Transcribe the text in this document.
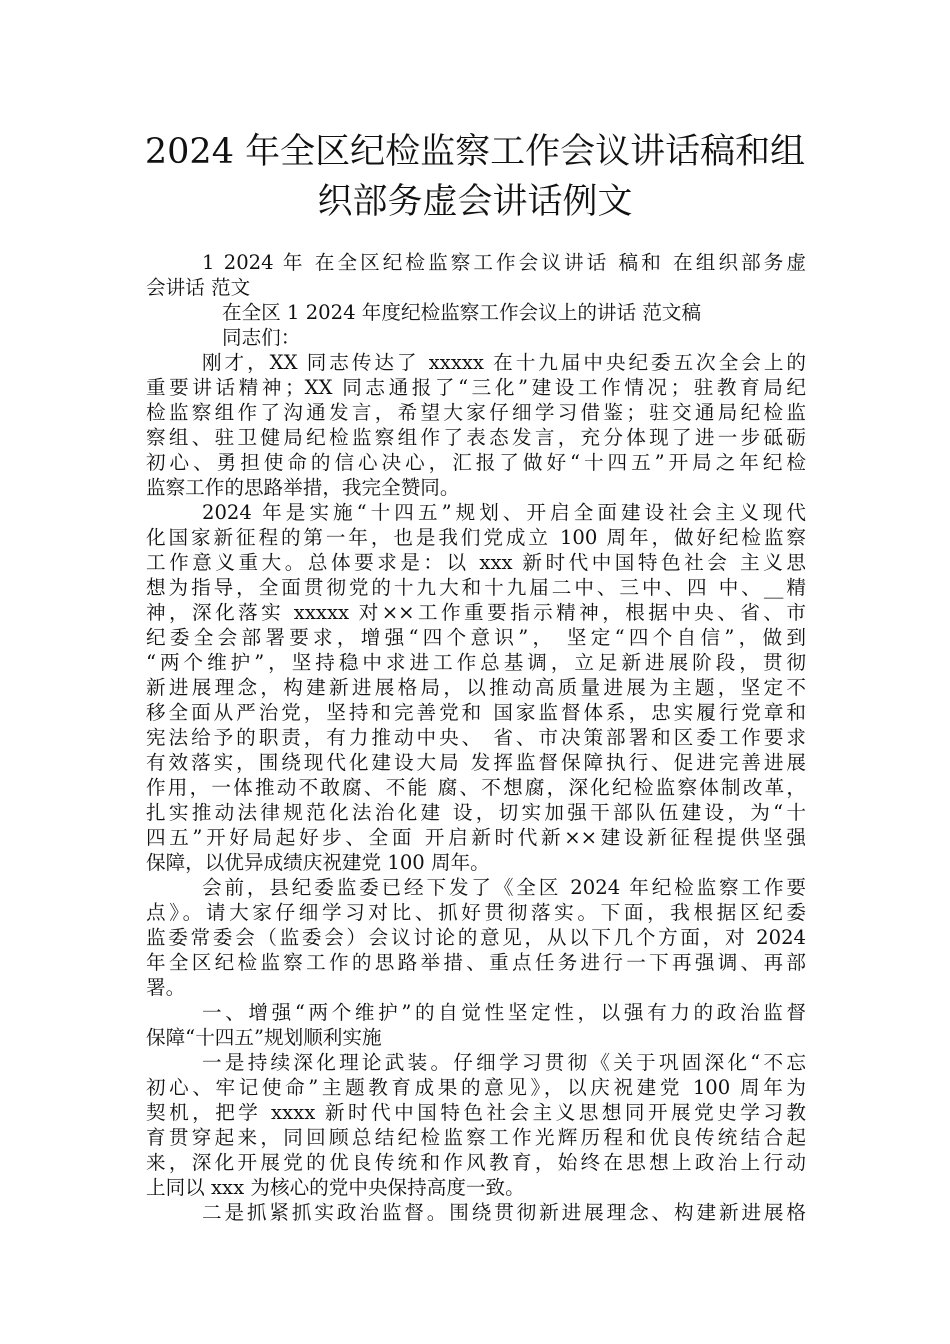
2024 年全区纪检监察工作会议讲话稿和组
织部务虚会讲话例文
1 2024 年 在全区纪检监察工作会议讲话 稿和 在组织部务虚
会讲话 范文
在全区 1 2024 年度纪检监察工作会议上的讲话 范文稿
同志们：
刚才，XX 同志传达了 xxxxx 在十九届中央纪委五次全会上的
重要讲话精神；XX 同志通报了“三化”建设工作情况；驻教育局纪
检监察组作了沟通发言，希望大家仔细学习借鉴；驻交通局纪检监
察组、驻卫健局纪检监察组作了表态发言，充分体现了进一步砥砺
初心、勇担使命的信心决心，汇报了做好“十四五”开局之年纪检
监察工作的思路举措，我完全赞同。
2024 年是实施“十四五”规划、开启全面建设社会主义现代
化国家新征程的第一年，也是我们党成立 100 周年，做好纪检监察
工作意义重大。总体要求是：以 xxx 新时代中国特色社会 主义思
想为指导，全面贯彻党的十九大和十九届二中、三中、四 中、__精
神，深化落实 xxxxx 对××工作重要指示精神，根据中央、省、市
纪委全会部署要求，增强“四个意识”， 坚定“四个自信”，做到
“两个维护”，坚持稳中求进工作总基调，立足新进展阶段，贯彻
新进展理念，构建新进展格局，以推动高质量进展为主题，坚定不
移全面从严治党，坚持和完善党和 国家监督体系，忠实履行党章和
宪法给予的职责，有力推动中央、 省、市决策部署和区委工作要求
有效落实，围绕现代化建设大局 发挥监督保障执行、促进完善进展
作用，一体推动不敢腐、不能 腐、不想腐，深化纪检监察体制改革，
扎实推动法律规范化法治化建 设，切实加强干部队伍建设，为“十
四五”开好局起好步、全面 开启新时代新××建设新征程提供坚强
保障，以优异成绩庆祝建党 100 周年。
会前，县纪委监委已经下发了《全区 2024 年纪检监察工作要
点》。请大家仔细学习对比、抓好贯彻落实。下面，我根据区纪委
监委常委会（监委会）会议讨论的意见，从以下几个方面，对 2024
年全区纪检监察工作的思路举措、重点任务进行一下再强调、再部
署。
一、增强“两个维护”的自觉性坚定性，以强有力的政治监督
保障“十四五”规划顺利实施
一是持续深化理论武装。仔细学习贯彻《关于巩固深化“不忘
初心、牢记使命”主题教育成果的意见》，以庆祝建党 100 周年为
契机，把学 xxxx 新时代中国特色社会主义思想同开展党史学习教
育贯穿起来，同回顾总结纪检监察工作光辉历程和优良传统结合起
来，深化开展党的优良传统和作风教育，始终在思想上政治上行动
上同以 xxx 为核心的党中央保持高度一致。
二是抓紧抓实政治监督。围绕贯彻新进展理念、构建新进展格
